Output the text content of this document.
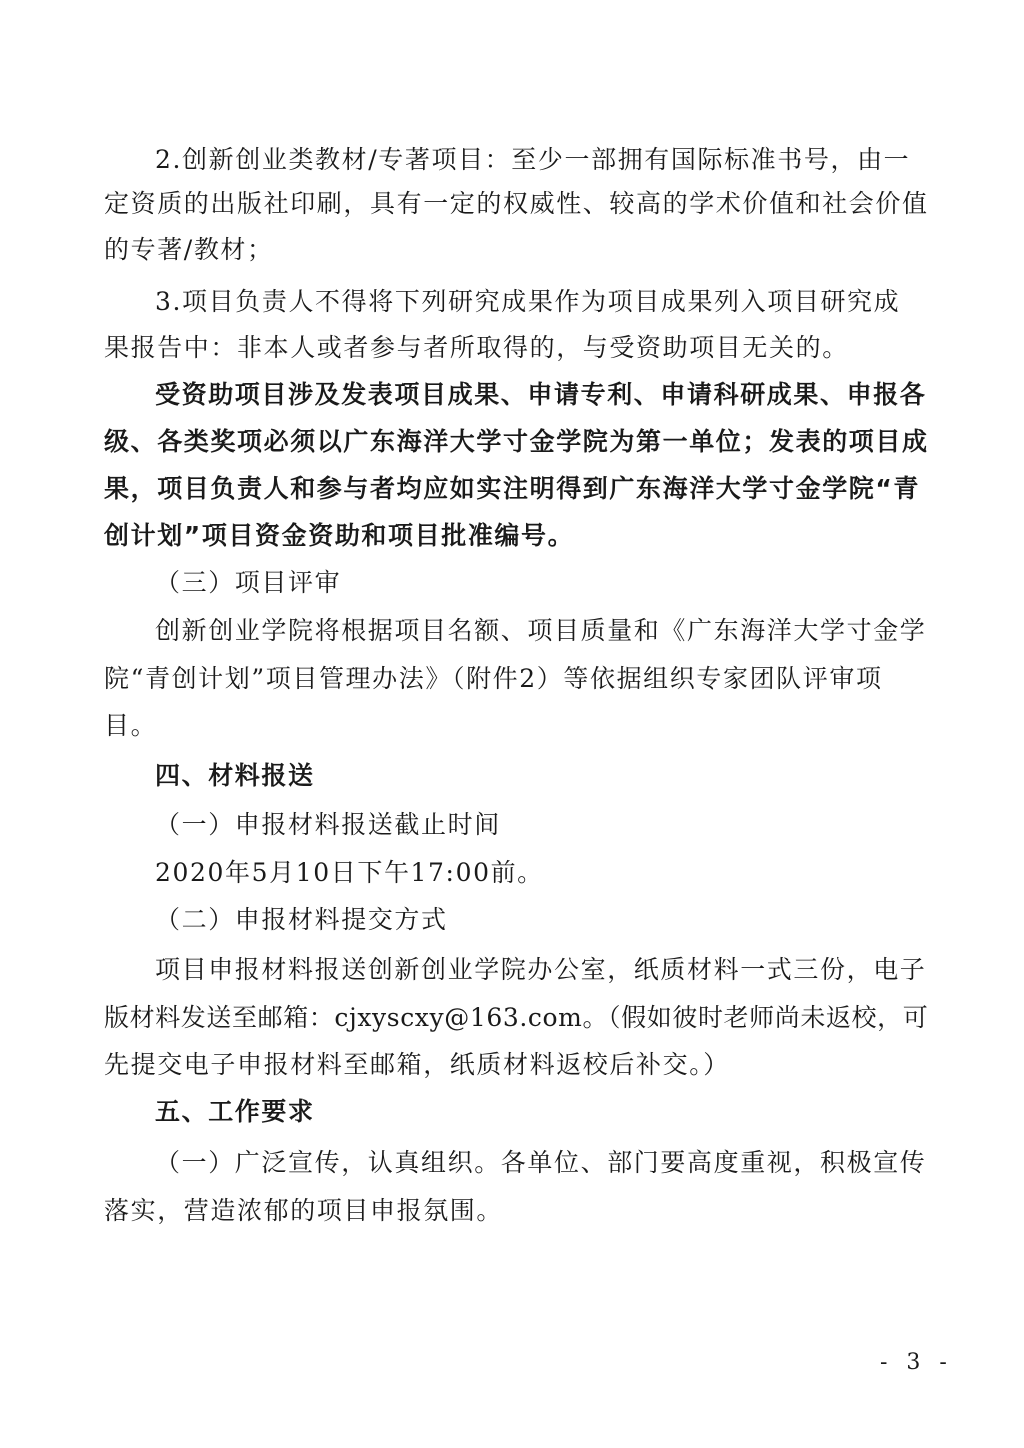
2.创新创业类教材/专著项目：至少一部拥有国际标准书号，由一
定资质的出版社印刷，具有一定的权威性、较高的学术价值和社会价值
的专著/教材；
3.项目负责人不得将下列研究成果作为项目成果列入项目研究成
果报告中：非本人或者参与者所取得的，与受资助项目无关的。
受资助项目涉及发表项目成果、申请专利、申请科研成果、申报各
级、各类奖项必须以广东海洋大学寸金学院为第一单位；发表的项目成
果，项目负责人和参与者均应如实注明得到广东海洋大学寸金学院“青
创计划”项目资金资助和项目批准编号。
（三）项目评审
创新创业学院将根据项目名额、项目质量和《广东海洋大学寸金学
院“青创计划”项目管理办法》（附件2）等依据组织专家团队评审项
目。
四、材料报送
（一）申报材料报送截止时间
2020年5月10日下午17:00前。
（二）申报材料提交方式
项目申报材料报送创新创业学院办公室，纸质材料一式三份，电子
版材料发送至邮箱：cjxyscxy@163.com。（假如彼时老师尚未返校，可
先提交电子申报材料至邮箱，纸质材料返校后补交。）
五、工作要求
（一）广泛宣传，认真组织。各单位、部门要高度重视，积极宣传
落实，营造浓郁的项目申报氛围。
- 3 -
